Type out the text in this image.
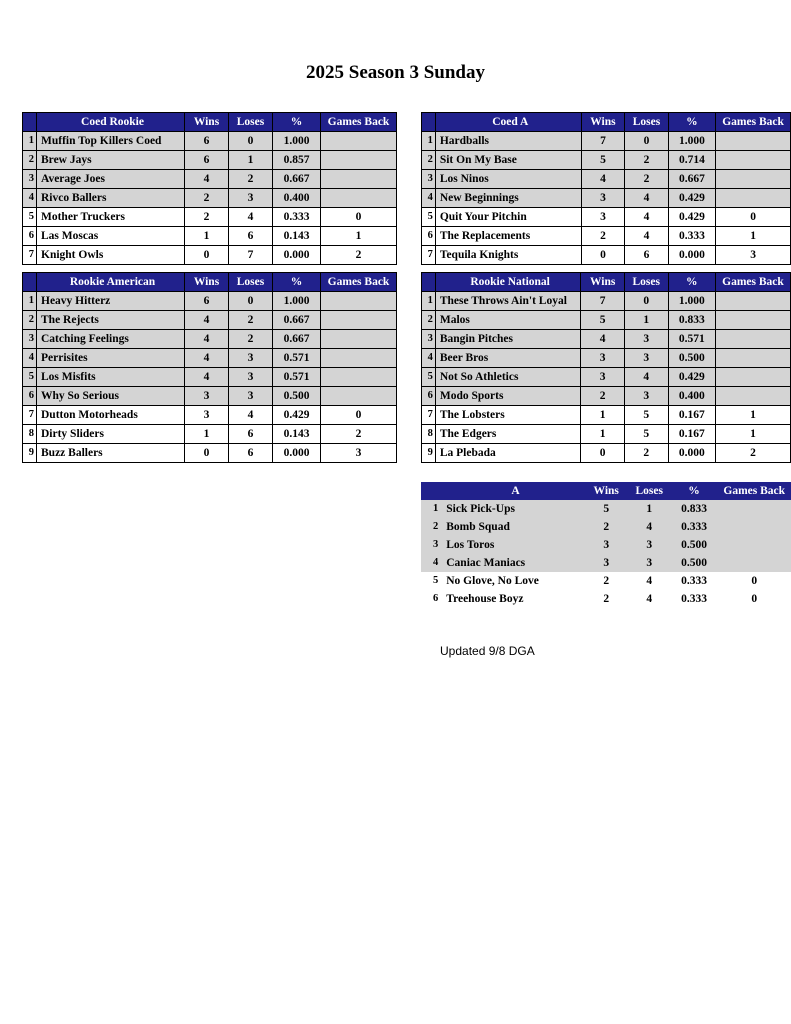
2025 Season 3 Sunday
	Coed Rookie	Wins	Loses	%	Games Back
1	Muffin Top Killers Coed	6	0	1.000	
2	Brew Jays	6	1	0.857	
3	Average Joes	4	2	0.667	
4	Rivco Ballers	2	3	0.400	
5	Mother Truckers	2	4	0.333	0
6	Las Moscas	1	6	0.143	1
7	Knight Owls	0	7	0.000	2
	Coed A	Wins	Loses	%	Games Back
1	Hardballs	7	0	1.000	
2	Sit On My Base	5	2	0.714	
3	Los Ninos	4	2	0.667	
4	New Beginnings	3	4	0.429	
5	Quit Your Pitchin	3	4	0.429	0
6	The Replacements	2	4	0.333	1
7	Tequila Knights	0	6	0.000	3
	Rookie American	Wins	Loses	%	Games Back
1	Heavy Hitterz	6	0	1.000	
2	The Rejects	4	2	0.667	
3	Catching Feelings	4	2	0.667	
4	Perrisites	4	3	0.571	
5	Los Misfits	4	3	0.571	
6	Why So Serious	3	3	0.500	
7	Dutton Motorheads	3	4	0.429	0
8	Dirty Sliders	1	6	0.143	2
9	Buzz Ballers	0	6	0.000	3
	Rookie National	Wins	Loses	%	Games Back
1	These Throws Ain't Loyal	7	0	1.000	
2	Malos	5	1	0.833	
3	Bangin Pitches	4	3	0.571	
4	Beer Bros	3	3	0.500	
5	Not So Athletics	3	4	0.429	
6	Modo Sports	2	3	0.400	
7	The Lobsters	1	5	0.167	1
8	The Edgers	1	5	0.167	1
9	La Plebada	0	2	0.000	2
	A	Wins	Loses	%	Games Back
1	Sick Pick-Ups	5	1	0.833	
2	Bomb Squad	2	4	0.333	
3	Los Toros	3	3	0.500	
4	Caniac Maniacs	3	3	0.500	
5	No Glove, No Love	2	4	0.333	0
6	Treehouse Boyz	2	4	0.333	0
Updated 9/8 DGA
